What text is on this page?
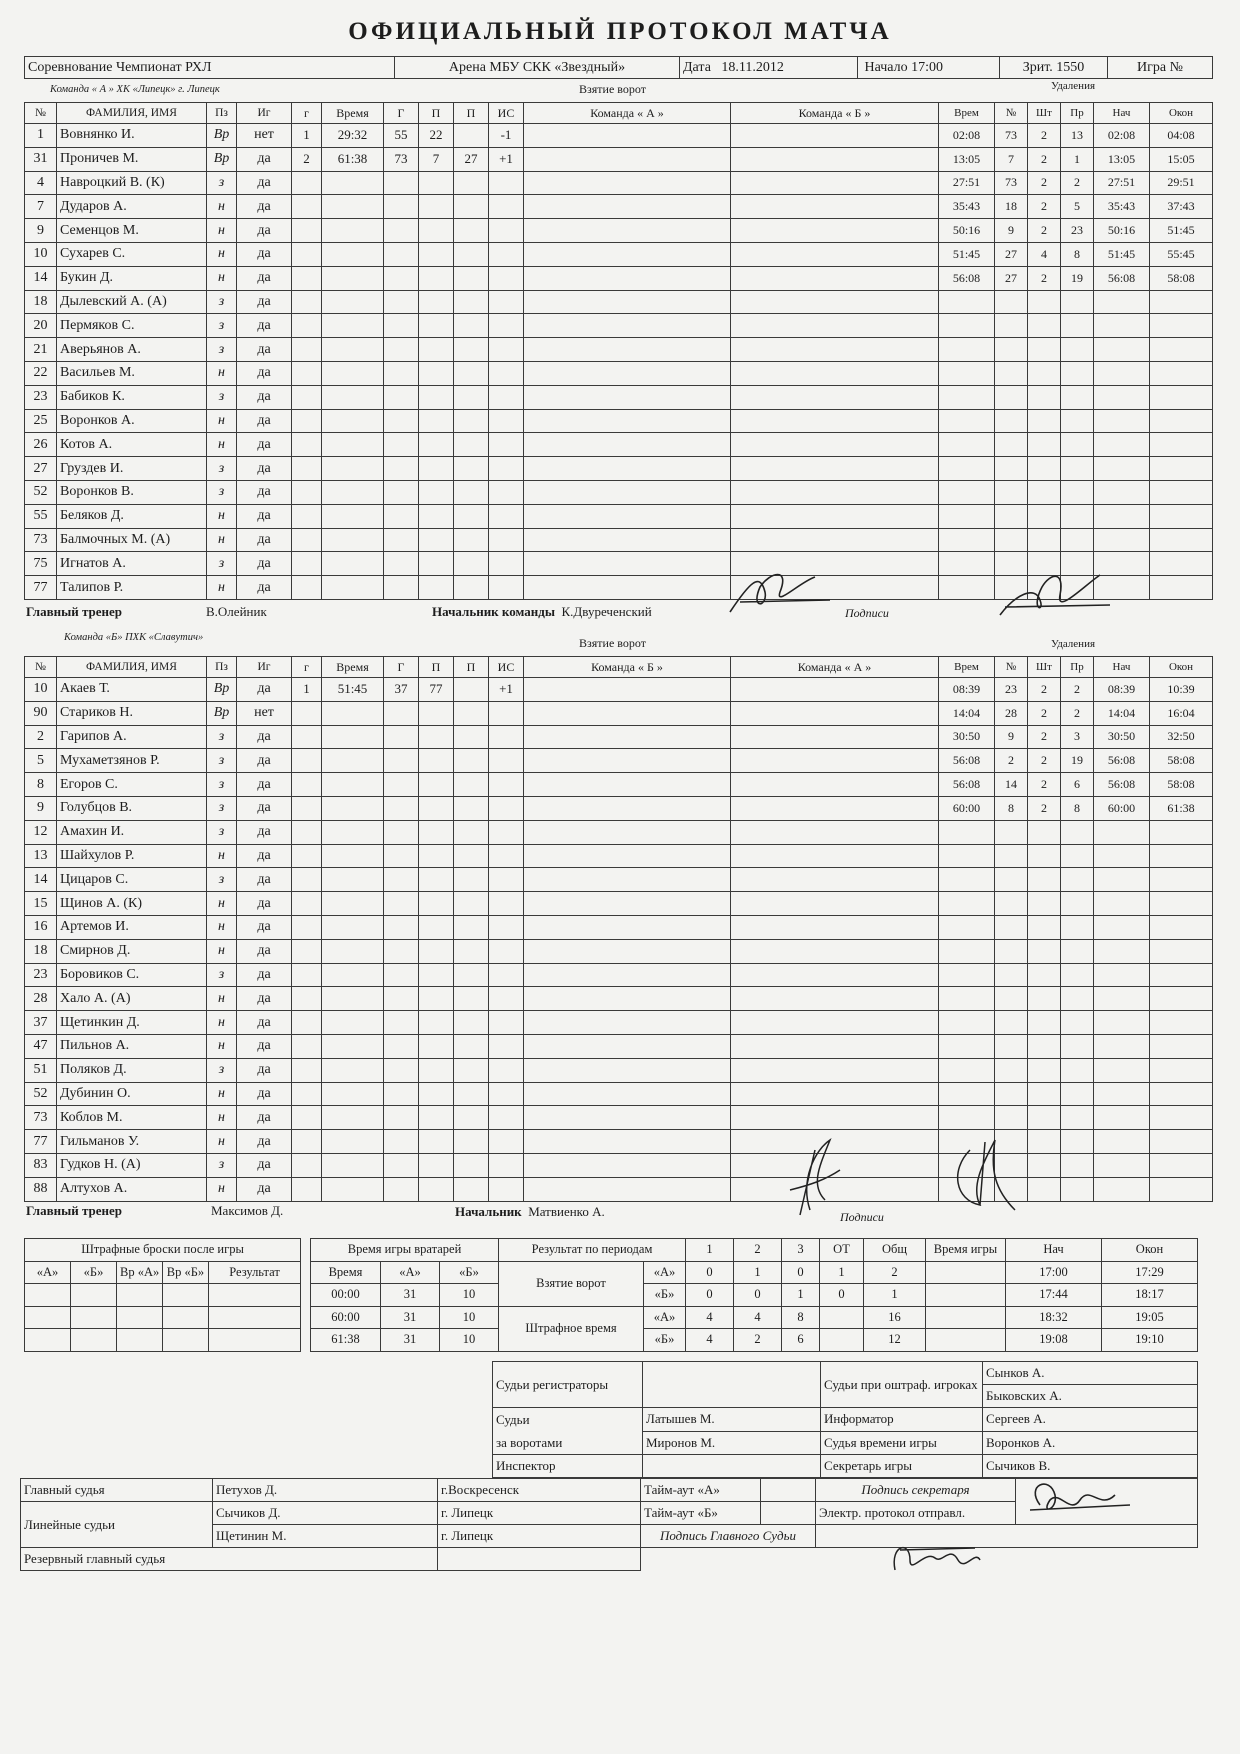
ОФИЦИАЛЬНЫЙ ПРОТОКОЛ МАТЧА
Соревнование Чемпионат РХЛ	Арена МБУ СКК «Звездный»	Дата 18.11.2012	Начало 17:00	Зрит. 1550	Игра №
Команда « А » ХК «Липецк» г. Липецк	Взятие ворот	Удаления
№	ФАМИЛИЯ, ИМЯ	Пз	Иг
1	Вовнянко И.	Вр	нет
31	Проничев М.	Вр	да
4	Навроцкий В. (К)	з	да
7	Дударов А.	н	да
9	Семенцов М.	н	да
10	Сухарев С.	н	да
14	Букин Д.	н	да
18	Дылевский А. (А)	з	да
20	Пермяков С.	з	да
21	Аверьянов А.	з	да
22	Васильев М.	н	да
23	Бабиков К.	з	да
25	Воронков А.	н	да
26	Котов А.	н	да
27	Груздев И.	з	да
52	Воронков В.	з	да
55	Беляков Д.	н	да
73	Балмочных М. (А)	н	да
75	Игнатов А.	з	да
77	Талипов Р.	н	да
г	Время	Г	П	П	ИС	Команда « А »	Команда « Б »
1	29:32	55	22		-1		
2	61:38	73	7	27	+1		

Врем	№	Шт	Пр	Нач	Окон
02:08	73	2	13	02:08	04:08
13:05	7	2	1	13:05	15:05
27:51	73	2	2	27:51	29:51
35:43	18	2	5	35:43	37:43
50:16	9	2	23	50:16	51:45
51:45	27	4	8	51:45	55:45
56:08	27	2	19	56:08	58:08

Главный тренер	В.Олейник	Начальник команды К.Двуреченский	Подписи
Команда «Б» ПХК «Славутич»	Взятие ворот	Удаления
№	ФАМИЛИЯ, ИМЯ	Пз	Иг
10	Акаев Т.	Вр	да
90	Стариков Н.	Вр	нет
2	Гарипов А.	з	да
5	Мухаметзянов Р.	з	да
8	Егоров С.	з	да
9	Голубцов В.	з	да
12	Амахин И.	з	да
13	Шайхулов Р.	н	да
14	Цицаров С.	з	да
15	Щинов А. (К)	н	да
16	Артемов И.	н	да
18	Смирнов Д.	н	да
23	Боровиков С.	з	да
28	Хало А. (А)	н	да
37	Щетинкин Д.	н	да
47	Пильнов А.	н	да
51	Поляков Д.	з	да
52	Дубинин О.	н	да
73	Коблов М.	н	да
77	Гильманов У.	н	да
83	Гудков Н. (А)	з	да
88	Алтухов А.	н	да
г	Время	Г	П	П	ИС	Команда « Б »	Команда « А »
1	51:45	37	77		+1		

Врем	№	Шт	Пр	Нач	Окон
08:39	23	2	2	08:39	10:39
14:04	28	2	2	14:04	16:04
30:50	9	2	3	30:50	32:50
56:08	2	2	19	56:08	58:08
56:08	14	2	6	56:08	58:08
60:00	8	2	8	60:00	61:38

Главный тренер	Максимов Д.	Начальник Матвиенко А.	Подписи
Штрафные броски после игры				
«А»	«Б»	Вр «А»	Вр «Б»	Результат

Время игры вратарей		
Время	«А»	«Б»
00:00	31	10
60:00	31	10
61:38	31	10
Результат по периодам		1	2	3	ОТ	Общ
Взятие ворот	«А»	0	1	0	1	2
	«Б»	0	0	1	0	1
Штрафное время	«А»	4	4	8		16
	«Б»	4	2	6		12
Время игры	Нач	Окон
	17:00	17:29
	17:44	18:17
	18:32	19:05
	19:08	19:10
Судьи регистраторы		Судьи при оштраф. игроках	Сынков А.
			Быковских А.

Судьи
за воротами	Латышев М.	Информатор	Сергеев А.
	Миронов М.	Судья времени игры	Воронков А.
Инспектор		Секретарь игры	Сычиков В.
Главный судья	Петухов Д.	г.Воскресенск
Линейные судьи	Сычиков Д.	г. Липецк
	Щетинин М.	г. Липецк
Резервный главный судья		
Тайм-аут «А»		Подпись секретаря	
Тайм-аут «Б»		Электр. протокол отправл.	
Подпись Главного Судьи			
